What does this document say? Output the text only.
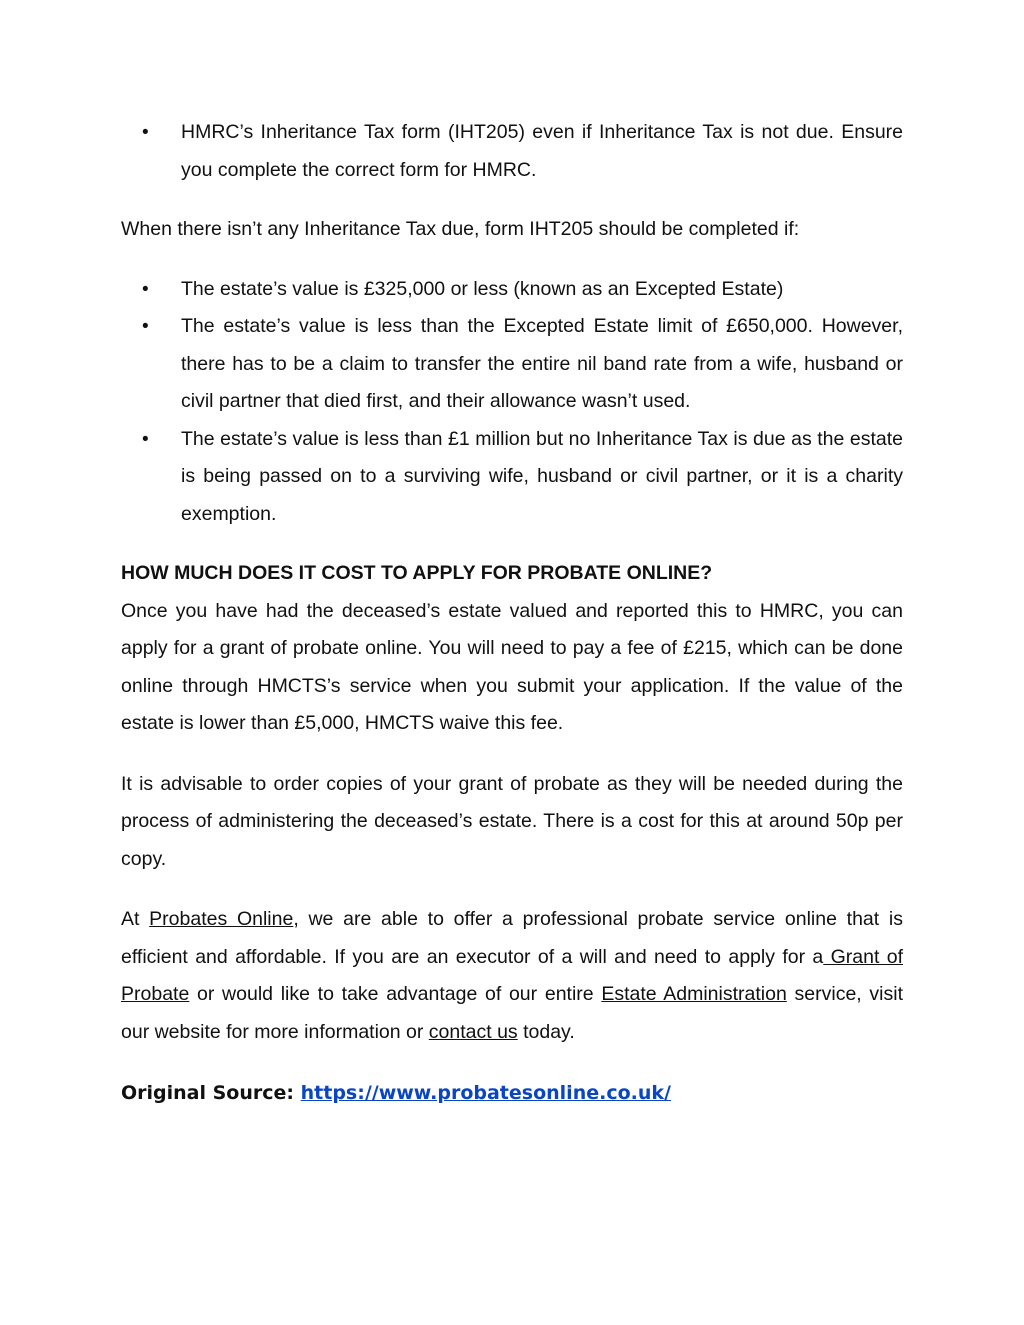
• HMRC’s Inheritance Tax form (IHT205) even if Inheritance Tax is not due. Ensure you complete the correct form for HMRC.

When there isn’t any Inheritance Tax due, form IHT205 should be completed if:

• The estate’s value is £325,000 or less (known as an Excepted Estate)
• The estate’s value is less than the Excepted Estate limit of £650,000. However, there has to be a claim to transfer the entire nil band rate from a wife, husband or civil partner that died first, and their allowance wasn’t used.
• The estate’s value is less than £1 million but no Inheritance Tax is due as the estate is being passed on to a surviving wife, husband or civil partner, or it is a charity exemption.

HOW MUCH DOES IT COST TO APPLY FOR PROBATE ONLINE?

Once you have had the deceased’s estate valued and reported this to HMRC, you can apply for a grant of probate online. You will need to pay a fee of £215, which can be done online through HMCTS’s service when you submit your application. If the value of the estate is lower than £5,000, HMCTS waive this fee.

It is advisable to order copies of your grant of probate as they will be needed during the process of administering the deceased’s estate. There is a cost for this at around 50p per copy.

At Probates Online, we are able to offer a professional probate service online that is efficient and affordable. If you are an executor of a will and need to apply for a Grant of Probate or would like to take advantage of our entire Estate Administration service, visit our website for more information or contact us today.

Original Source: https://www.probatesonline.co.uk/
